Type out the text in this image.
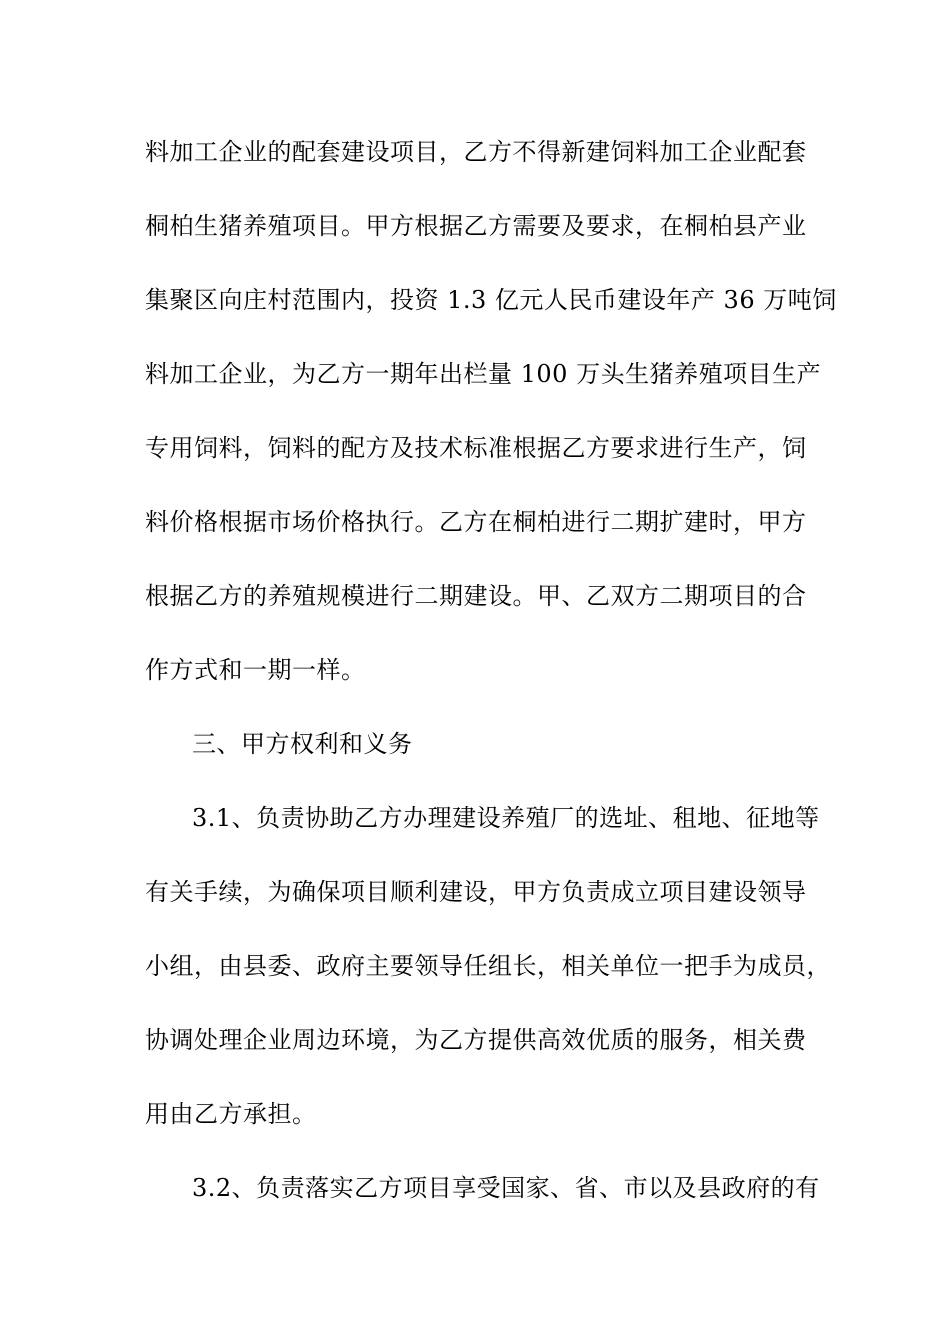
料加工企业的配套建设项目，乙方不得新建饲料加工企业配套
桐柏生猪养殖项目。甲方根据乙方需要及要求，在桐柏县产业
集聚区向庄村范围内，投资 1.3 亿元人民币建设年产 36 万吨饲
料加工企业，为乙方一期年出栏量 100 万头生猪养殖项目生产
专用饲料，饲料的配方及技术标准根据乙方要求进行生产，饲
料价格根据市场价格执行。乙方在桐柏进行二期扩建时，甲方
根据乙方的养殖规模进行二期建设。甲、乙双方二期项目的合
作方式和一期一样。
三、甲方权利和义务
3.1、负责协助乙方办理建设养殖厂的选址、租地、征地等
有关手续，为确保项目顺利建设，甲方负责成立项目建设领导
小组，由县委、政府主要领导任组长，相关单位一把手为成员，
协调处理企业周边环境，为乙方提供高效优质的服务，相关费
用由乙方承担。
3.2、负责落实乙方项目享受国家、省、市以及县政府的有
